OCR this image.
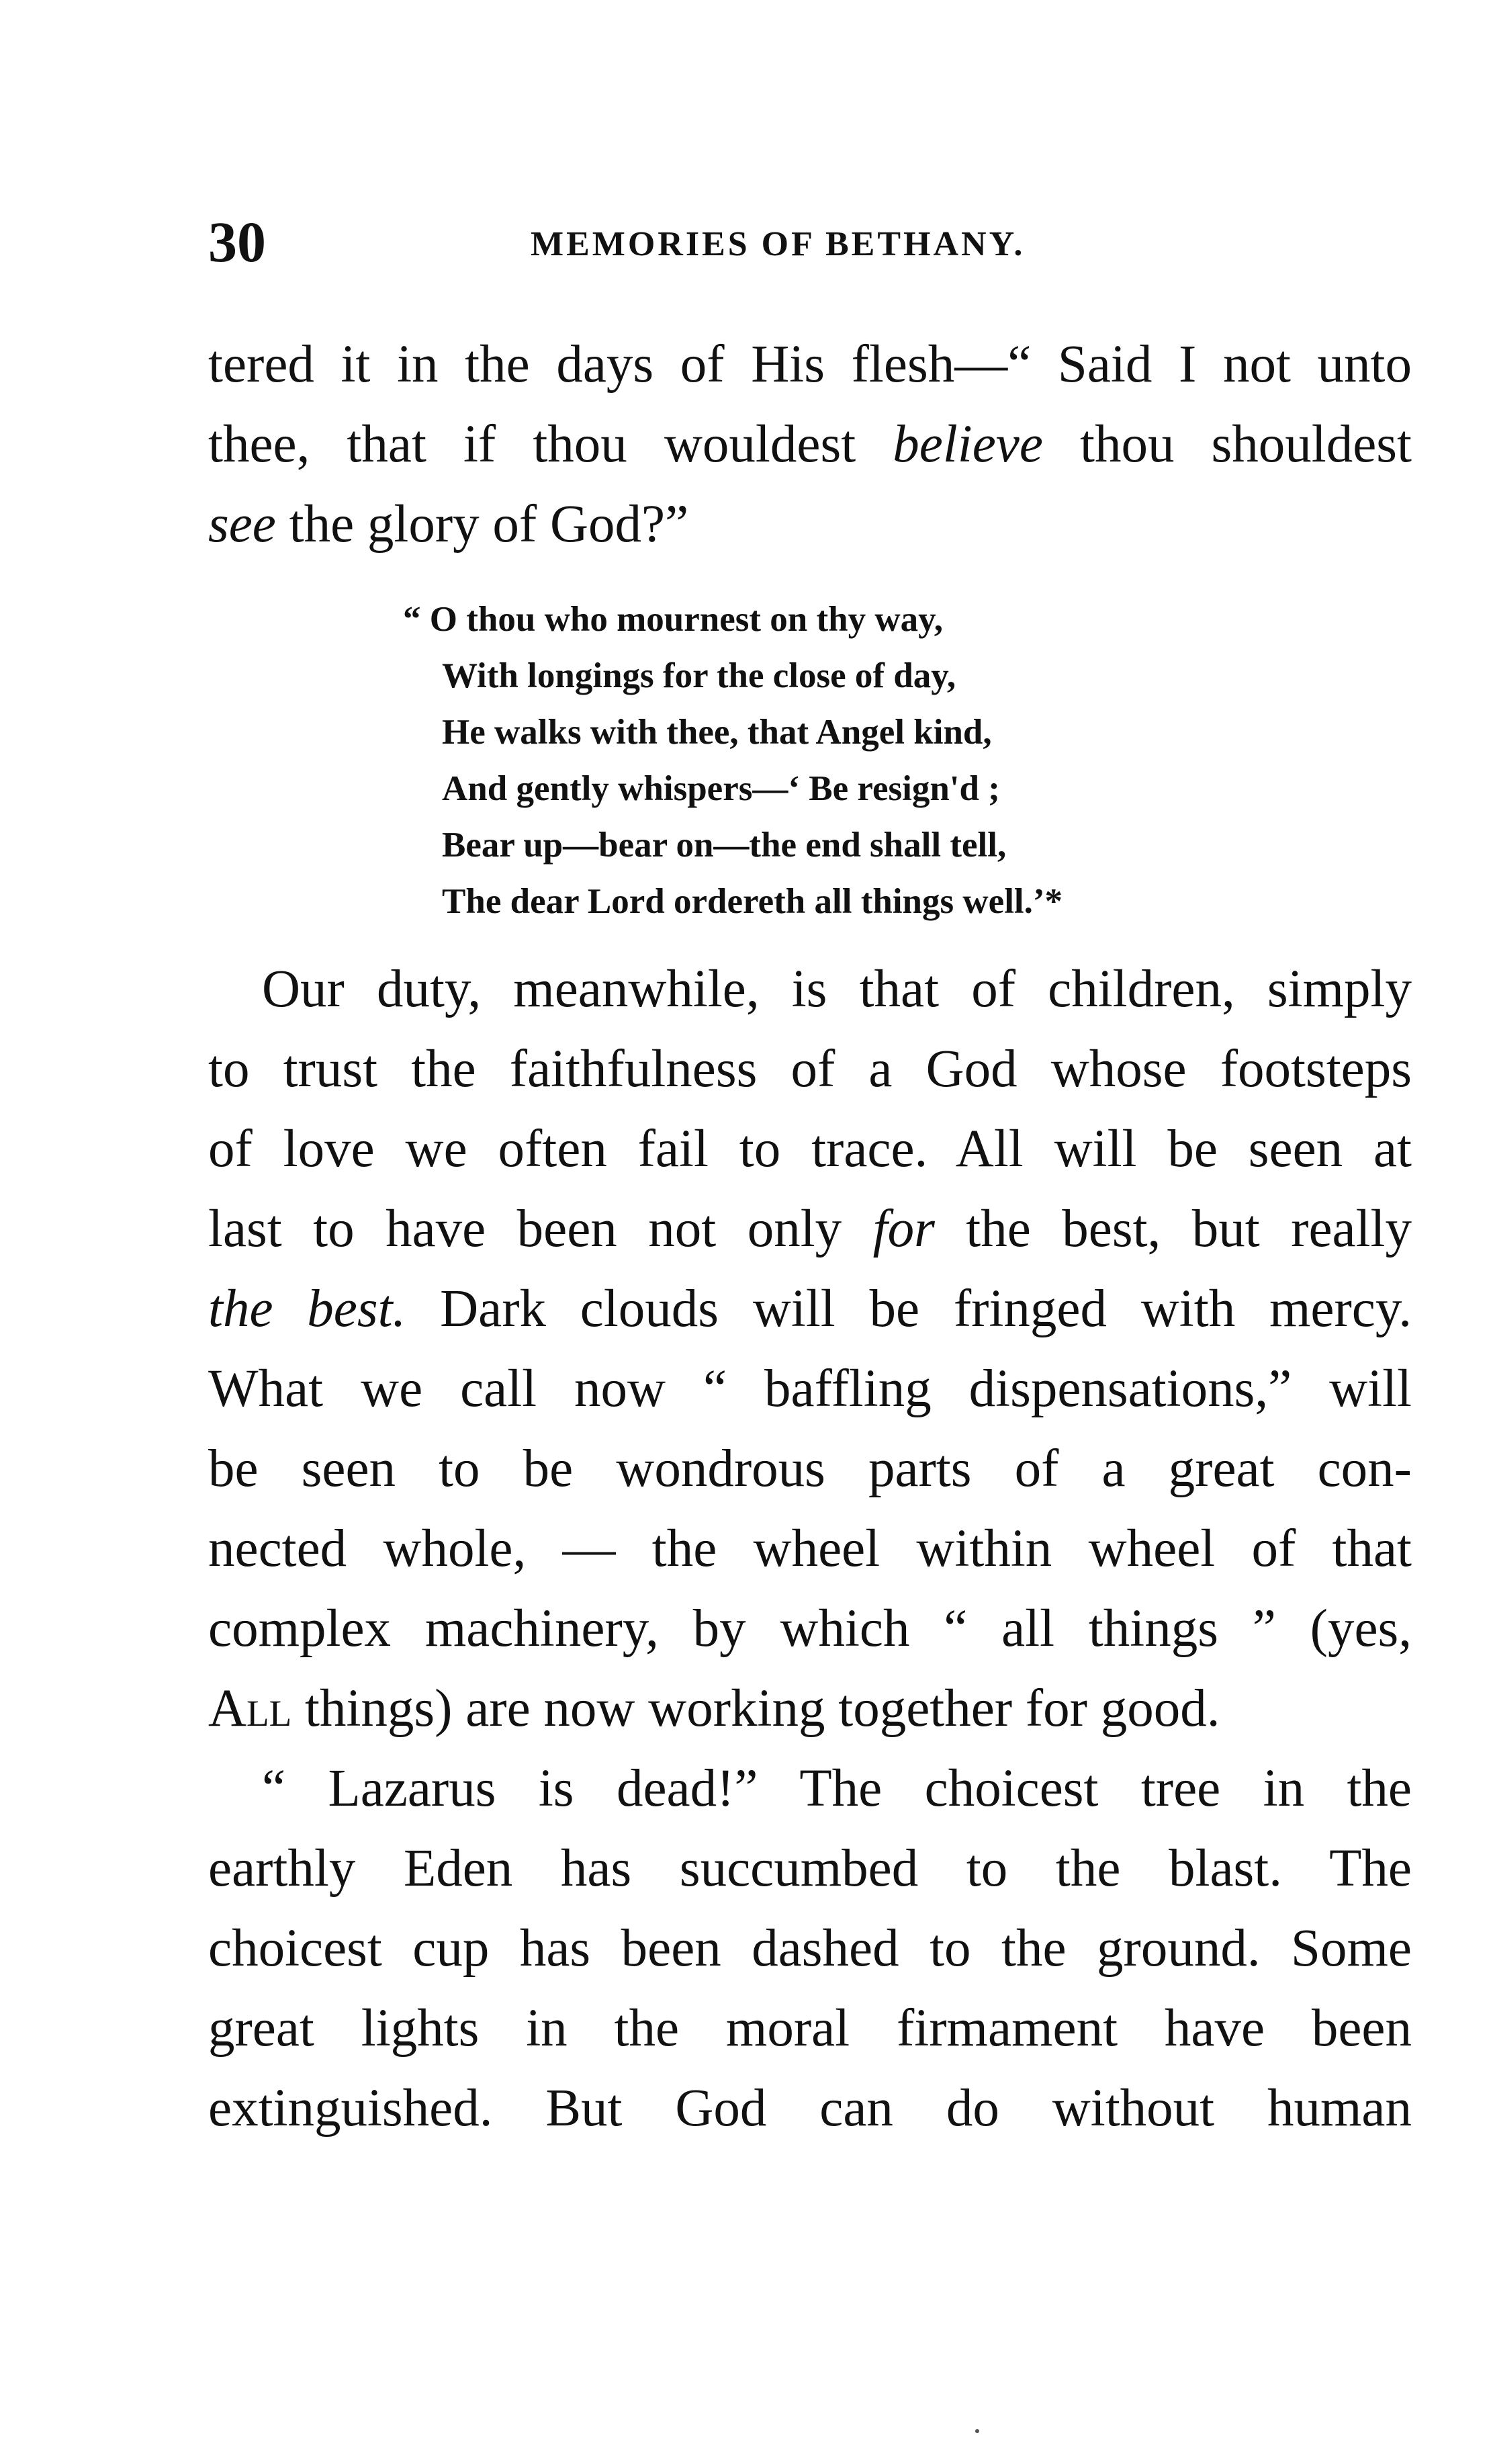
30	MEMORIES OF BETHANY.
tered it in the days of His flesh—“ Said I not unto
thee, that if thou wouldest believe thou shouldest
see the glory of God?”
“ O thou who mournest on thy way,
With longings for the close of day,
He walks with thee, that Angel kind,
And gently whispers—‘ Be resign'd ;
Bear up—bear on—the end shall tell,
The dear Lord ordereth all things well.’*
Our duty, meanwhile, is that of children, simply
to trust the faithfulness of a God whose footsteps
of love we often fail to trace. All will be seen at
last to have been not only for the best, but really
the best. Dark clouds will be fringed with mercy.
What we call now “ baffling dispensations,” will
be seen to be wondrous parts of a great con-
nected whole, — the wheel within wheel of that
complex machinery, by which “ all things ” (yes,
All things) are now working together for good.
“ Lazarus is dead!” The choicest tree in the
earthly Eden has succumbed to the blast. The
choicest cup has been dashed to the ground. Some
great lights in the moral firmament have been
extinguished. But God can do without human
